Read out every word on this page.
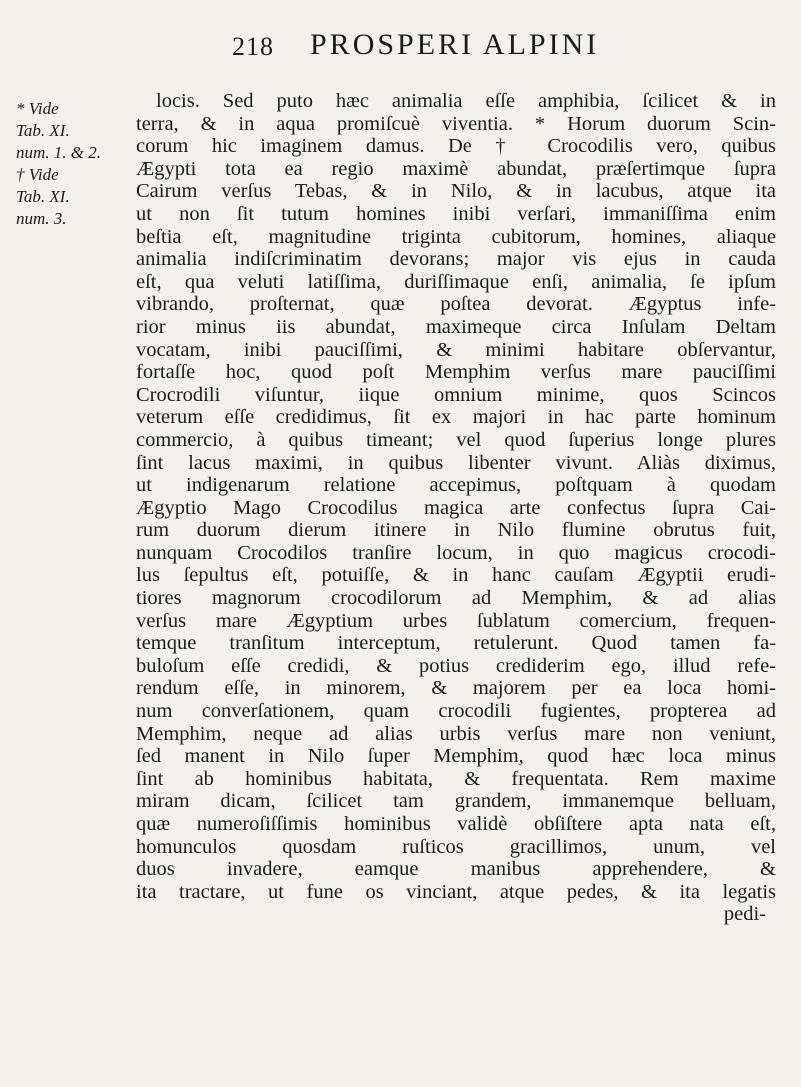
218 PROSPERI ALPINI
* Vide
Tab. XI.
num. 1. & 2.
† Vide
Tab. XI.
num. 3.
locis. Sed puto hæc animalia eſſe amphibia, ſcilicet & in
terra, & in aqua promiſcuè viventia. * Horum duorum Scin-
corum hic imaginem damus. De † Crocodilis vero, quibus
Ægypti tota ea regio maximè abundat, præſertimque ſupra
Cairum verſus Tebas, & in Nilo, & in lacubus, atque ita
ut non ſit tutum homines inibi verſari, immaniſſima enim
beſtia eſt, magnitudine triginta cubitorum, homines, aliaque
animalia indiſcriminatim devorans; major vis ejus in cauda
eſt, qua veluti latiſſima, duriſſimaque enſi, animalia, ſe ipſum
vibrando, proſternat, quæ poſtea devorat. Ægyptus infe-
rior minus iis abundat, maximeque circa Inſulam Deltam
vocatam, inibi pauciſſimi, & minimi habitare obſervantur,
fortaſſe hoc, quod poſt Memphim verſus mare pauciſſimi
Crocrodili viſuntur, iique omnium minime, quos Scincos
veterum eſſe credidimus, ſit ex majori in hac parte hominum
commercio, à quibus timeant; vel quod ſuperius longe plures
ſint lacus maximi, in quibus libenter vivunt. Aliàs diximus,
ut indigenarum relatione accepimus, poſtquam à quodam
Ægyptio Mago Crocodilus magica arte confectus ſupra Cai-
rum duorum dierum itinere in Nilo flumine obrutus fuit,
nunquam Crocodilos tranſire locum, in quo magicus crocodi-
lus ſepultus eſt, potuiſſe, & in hanc cauſam Ægyptii erudi-
tiores magnorum crocodilorum ad Memphim, & ad alias
verſus mare Ægyptium urbes ſublatum comercium, frequen-
temque tranſitum interceptum, retulerunt. Quod tamen fa-
buloſum eſſe credidi, & potius crediderim ego, illud refe-
rendum eſſe, in minorem, & majorem per ea loca homi-
num converſationem, quam crocodili fugientes, propterea ad
Memphim, neque ad alias urbis verſus mare non veniunt,
ſed manent in Nilo ſuper Memphim, quod hæc loca minus
ſint ab hominibus habitata, & frequentata. Rem maxime
miram dicam, ſcilicet tam grandem, immanemque belluam,
quæ numeroſiſſimis hominibus validè obſiſtere apta nata eſt,
homunculos quosdam ruſticos gracillimos, unum, vel
duos invadere, eamque manibus apprehendere, &
ita tractare, ut fune os vinciant, atque pedes, & ita legatis
pedi-
